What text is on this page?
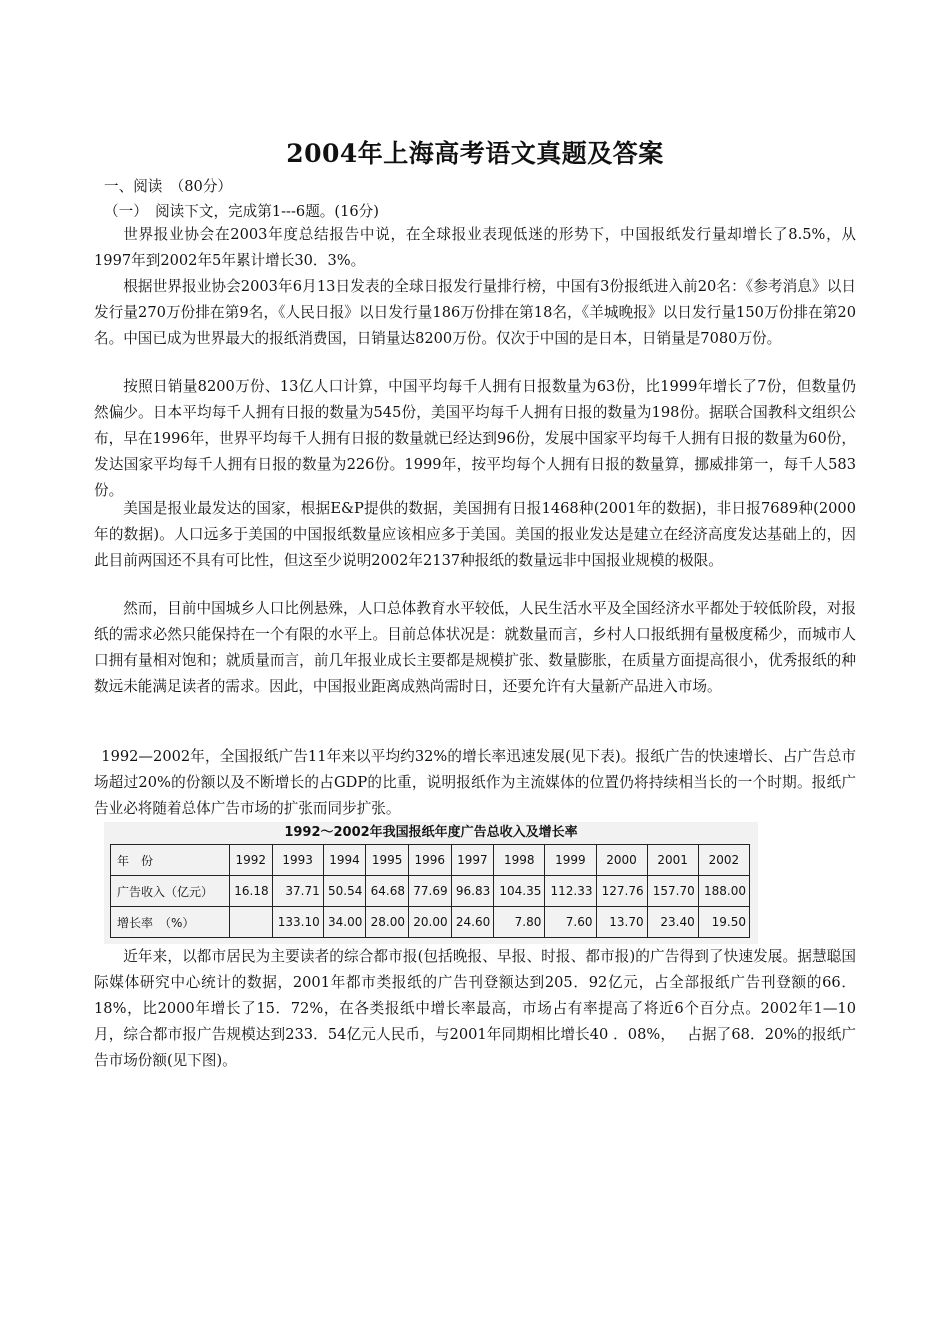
2004年上海高考语文真题及答案
一、阅读　（80分）
（一）　阅读下文，完成第1---6题。(16分)
世界报业协会在2003年度总结报告中说，在全球报业表现低迷的形势下，中国报纸发行量却增长了8.5%，从1997年到2002年5年累计增长30．3%。
根据世界报业协会2003年6月13日发表的全球日报发行量排行榜，中国有3份报纸进入前20名：《参考消息》以日发行量270万份排在第9名，《人民日报》以日发行量186万份排在第18名，《羊城晚报》以日发行量150万份排在第20名。中国已成为世界最大的报纸消费国，日销量达8200万份。仅次于中国的是日本，日销量是7080万份。
按照日销量8200万份、13亿人口计算，中国平均每千人拥有日报数量为63份，比1999年增长了7份，但数量仍然偏少。日本平均每千人拥有日报的数量为545份，美国平均每千人拥有日报的数量为198份。据联合国教科文组织公布，早在1996年，世界平均每千人拥有日报的数量就已经达到96份，发展中国家平均每千人拥有日报的数量为60份，发达国家平均每千人拥有日报的数量为226份。1999年，按平均每个人拥有日报的数量算，挪威排第一，每千人583份。
美国是报业最发达的国家，根据E&P提供的数据，美国拥有日报1468种(2001年的数据)，非日报7689种(2000年的数据)。人口远多于美国的中国报纸数量应该相应多于美国。美国的报业发达是建立在经济高度发达基础上的，因此目前两国还不具有可比性，但这至少说明2002年2137种报纸的数量远非中国报业规模的极限。
然而，目前中国城乡人口比例悬殊，人口总体教育水平较低，人民生活水平及全国经济水平都处于较低阶段，对报纸的需求必然只能保持在一个有限的水平上。目前总体状况是：就数量而言，乡村人口报纸拥有量极度稀少，而城市人口拥有量相对饱和；就质量而言，前几年报业成长主要都是规模扩张、数量膨胀，在质量方面提高很小，优秀报纸的种数远未能满足读者的需求。因此，中国报业距离成熟尚需时日，还要允许有大量新产品进入市场。
1992—2002年，全国报纸广告11年来以平均约32%的增长率迅速发展(见下表)。报纸广告的快速增长、占广告总市场超过20%的份额以及不断增长的占GDP的比重，说明报纸作为主流媒体的位置仍将持续相当长的一个时期。报纸广告业必将随着总体广告市场的扩张而同步扩张。
1992～2002年我国报纸年度广告总收入及增长率
年　份	1992	1993	1994	1995	1996	1997	1998	1999	2000	2001	2002
广告收入（亿元）	16.18	37.71	50.54	64.68	77.69	96.83	104.35	112.33	127.76	157.70	188.00
增长率　（%）		133.10	34.00	28.00	20.00	24.60	7.80	7.60	13.70	23.40	19.50
近年来，以都市居民为主要读者的综合都市报(包括晚报、早报、时报、都市报)的广告得到了快速发展。据慧聪国际媒体研究中心统计的数据，2001年都市类报纸的广告刊登额达到205．92亿元，占全部报纸广告刊登额的66．18%，比2000年增长了15．72%，在各类报纸中增长率最高，市场占有率提高了将近6个百分点。2002年1—10月，综合都市报广告规模达到233．54亿元人民币，与2001年同期相比增长40 ．08%，　 占据了68．20%的报纸广告市场份额(见下图)。
